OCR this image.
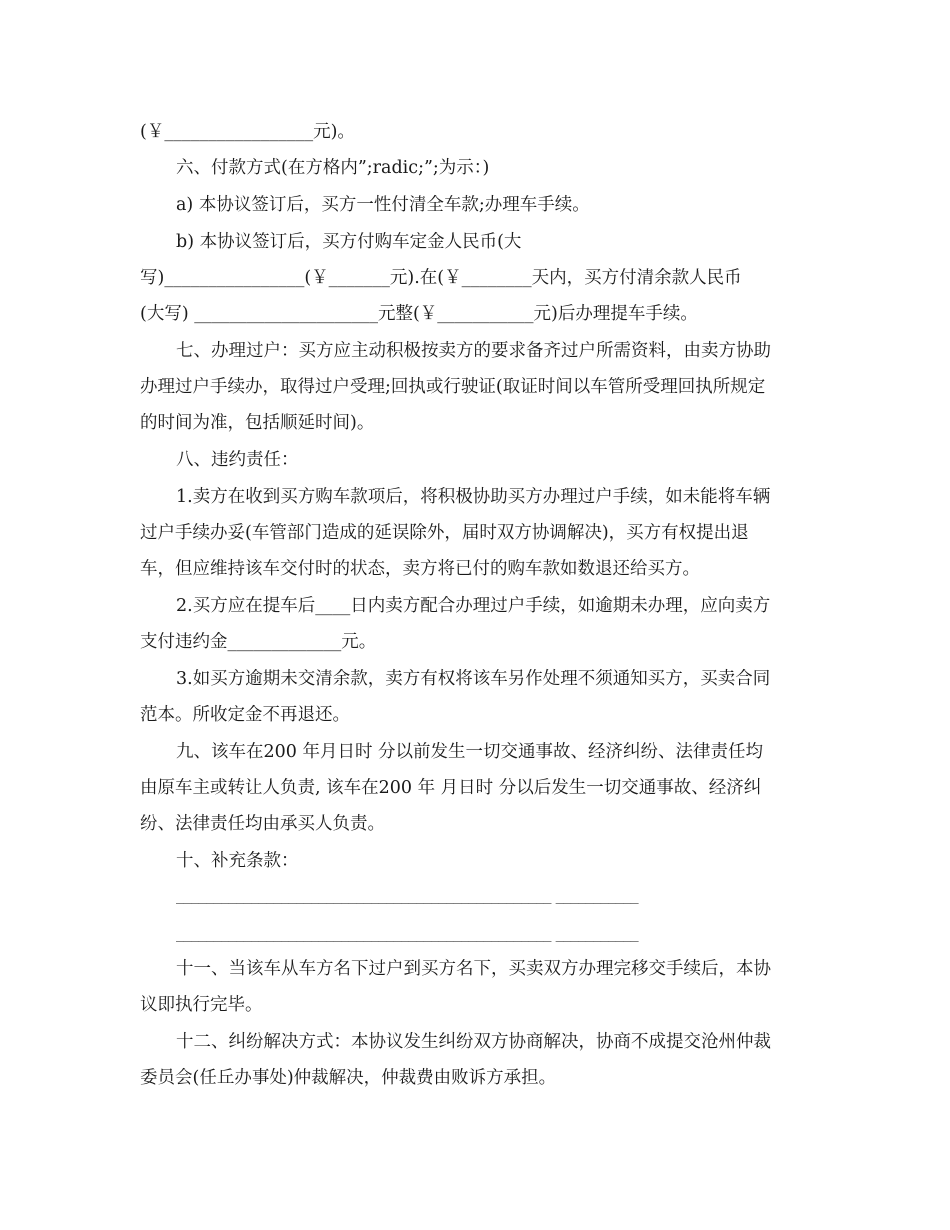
(￥_________________元)。
六、付款方式(在方格内”;radic;”;为示：)
a) 本协议签订后，买方一性付清全车款;办理车手续。
b) 本协议签订后，买方付购车定金人民币(大
写)________________(￥_______元).在(￥________天内，买方付清余款人民币
(大写) _____________________元整(￥___________元)后办理提车手续。
七、办理过户：买方应主动积极按卖方的要求备齐过户所需资料，由卖方协助
办理过户手续办，取得过户受理;回执或行驶证(取证时间以车管所受理回执所规定
的时间为准，包括顺延时间)。
八、违约责任：
1.卖方在收到买方购车款项后，将积极协助买方办理过户手续，如未能将车辆
过户手续办妥(车管部门造成的延误除外，届时双方协调解决)，买方有权提出退
车，但应维持该车交付时的状态，卖方将已付的购车款如数退还给买方。
2.买方应在提车后____日内卖方配合办理过户手续，如逾期未办理，应向卖方
支付违约金_____________元。
3.如买方逾期未交清余款，卖方有权将该车另作处理不须通知买方，买卖合同
范本。所收定金不再退还。
九、该车在200 年月日时 分以前发生一切交通事故、经济纠纷、法律责任均
由原车主或转让人负责, 该车在200 年 月日时 分以后发生一切交通事故、经济纠
纷、法律责任均由承买人负责。
十、补充条款：
__________________________________________________ ___________
__________________________________________________ ___________
十一、当该车从车方名下过户到买方名下，买卖双方办理完移交手续后，本协
议即执行完毕。
十二、纠纷解决方式：本协议发生纠纷双方协商解决，协商不成提交沧州仲裁
委员会(任丘办事处)仲裁解决，仲裁费由败诉方承担。
